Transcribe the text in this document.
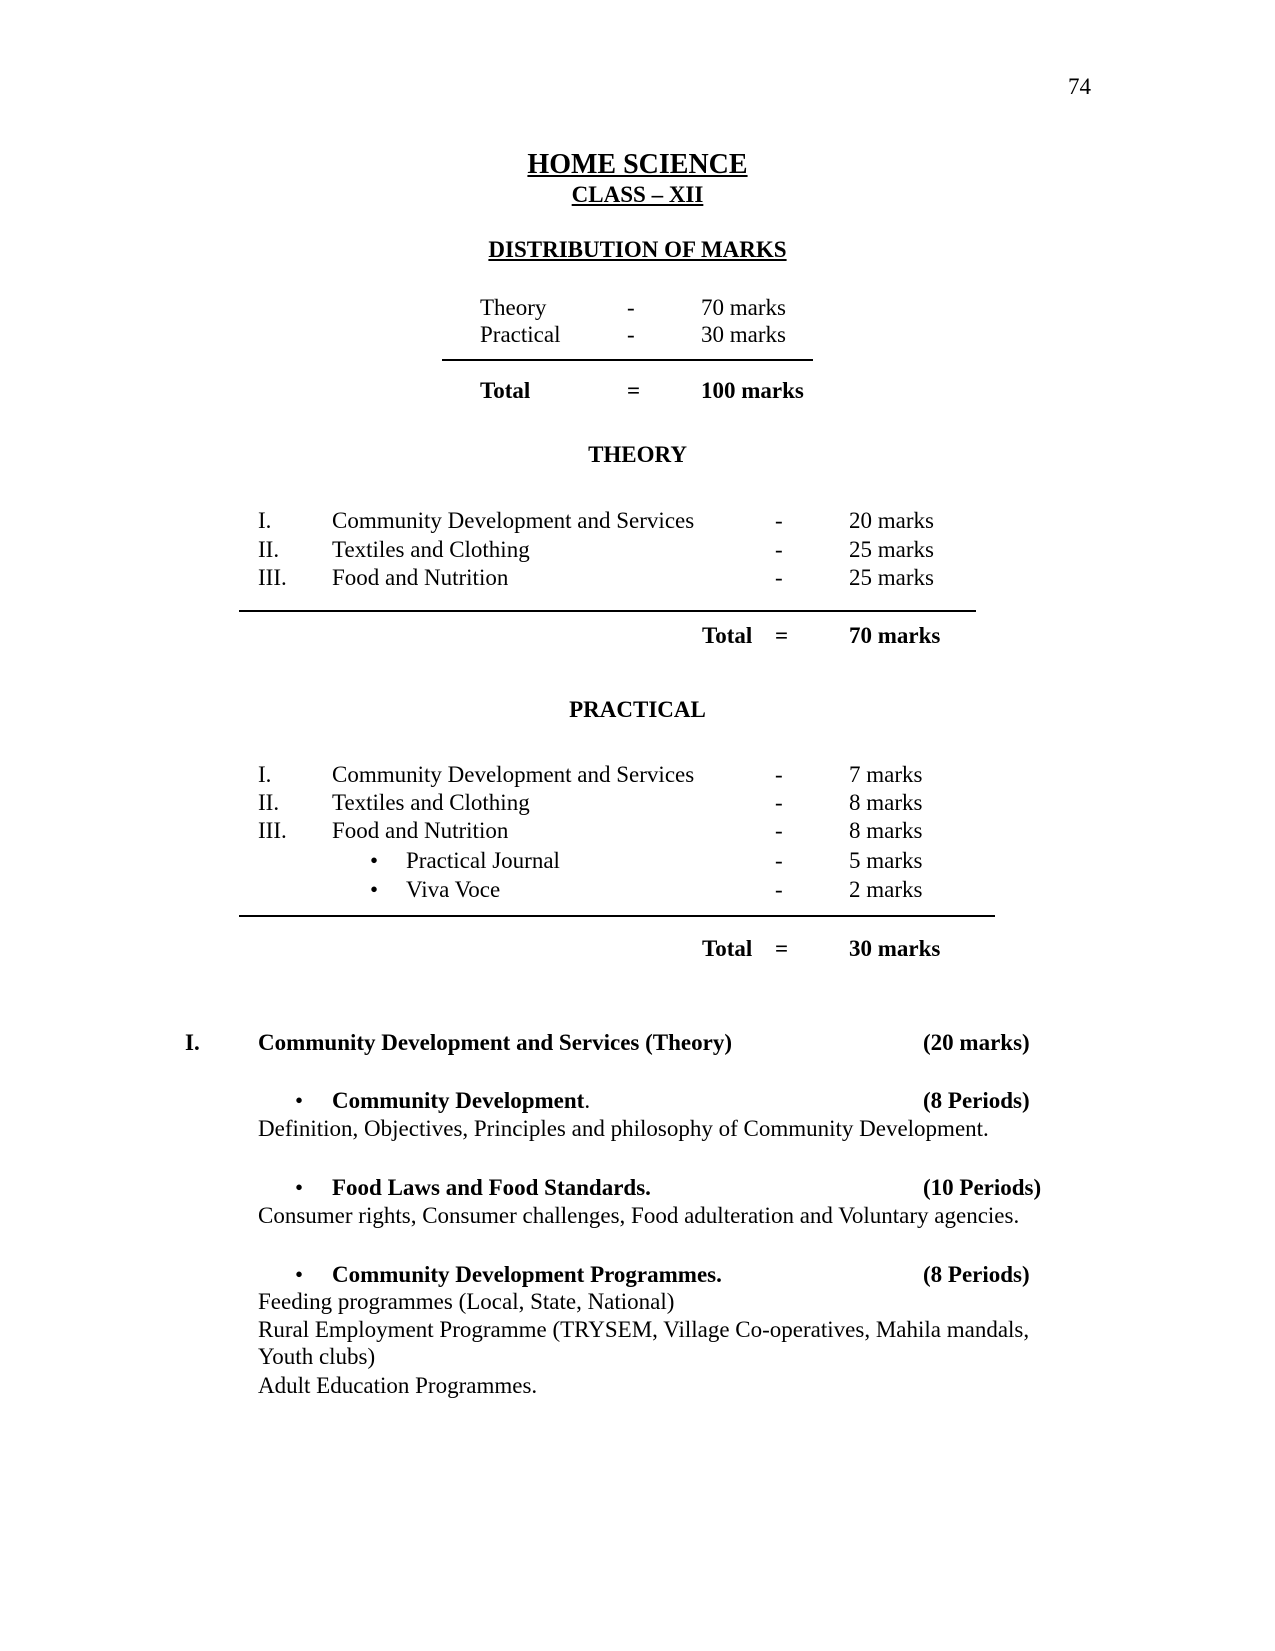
74
HOME SCIENCE
CLASS – XII
DISTRIBUTION OF MARKS
Theory	-	70 marks
Practical	-	30 marks
Total	=	100 marks
THEORY
I.	Community Development and Services	-	20 marks
II. Textiles and Clothing	-	25 marks
III. Food and Nutrition	-	25 marks
Total =	70 marks
PRACTICAL
I.	Community Development and Services	-	7 marks
II. Textiles and Clothing	-	8 marks
III. Food and Nutrition	-	8 marks
•
Practical Journal	-	5 marks
•
Viva Voce	-	2 marks
Total =	30 marks
I.	Community Development and Services (Theory)	(20 marks)
•
Community Development.	(8 Periods)
Definition, Objectives, Principles and philosophy of Community Development.
•
Food Laws and Food Standards.	(10 Periods)
Consumer rights, Consumer challenges, Food adulteration and Voluntary agencies.
•
Community Development Programmes.	(8 Periods)
Feeding programmes (Local, State, National)
Rural Employment Programme (TRYSEM, Village Co-operatives, Mahila mandals,
Youth clubs)
Adult Education Programmes.
